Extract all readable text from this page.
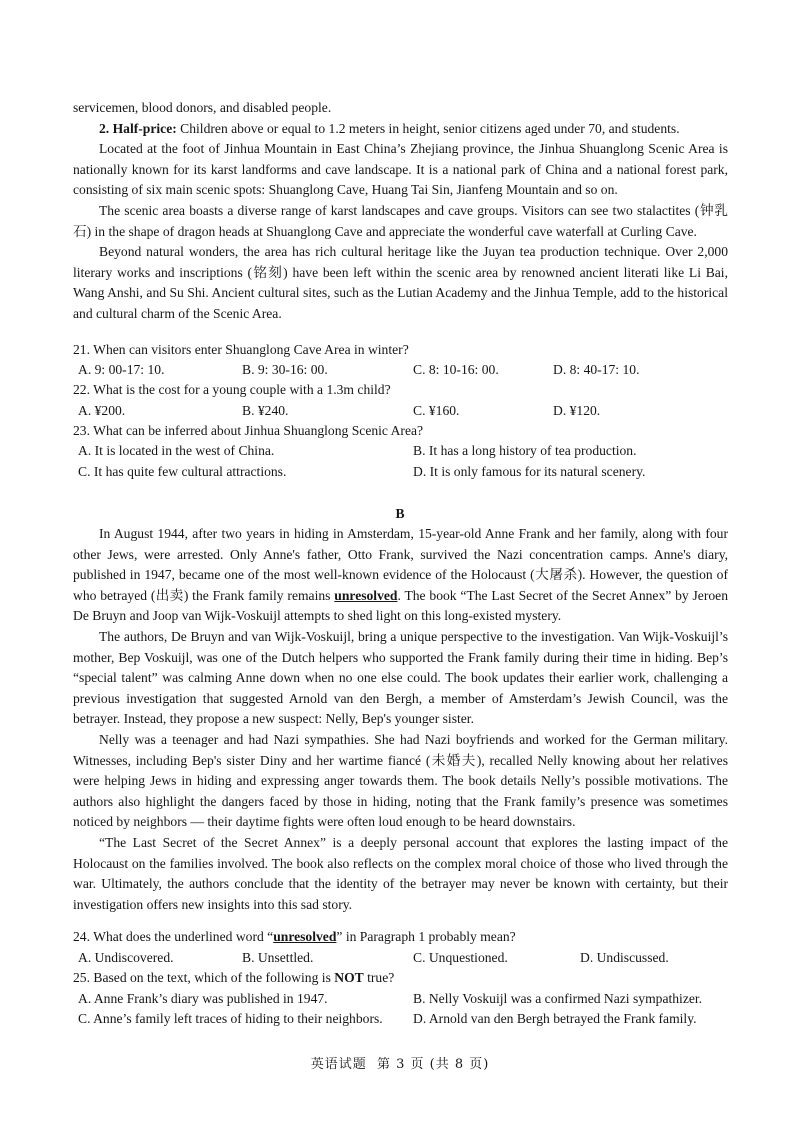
servicemen, blood donors, and disabled people.

2. Half-price: Children above or equal to 1.2 meters in height, senior citizens aged under 70, and students.

Located at the foot of Jinhua Mountain in East China’s Zhejiang province, the Jinhua Shuanglong Scenic Area is nationally known for its karst landforms and cave landscape. It is a national park of China and a national forest park, consisting of six main scenic spots: Shuanglong Cave, Huang Tai Sin, Jianfeng Mountain and so on.

The scenic area boasts a diverse range of karst landscapes and cave groups. Visitors can see two stalactites (钟乳石) in the shape of dragon heads at Shuanglong Cave and appreciate the wonderful cave waterfall at Curling Cave.

Beyond natural wonders, the area has rich cultural heritage like the Juyan tea production technique. Over 2,000 literary works and inscriptions (铭刻) have been left within the scenic area by renowned ancient literati like Li Bai, Wang Anshi, and Su Shi. Ancient cultural sites, such as the Lutian Academy and the Jinhua Temple, add to the historical and cultural charm of the Scenic Area.

21. When can visitors enter Shuanglong Cave Area in winter?
A. 9: 00-17: 10.	B. 9: 30-16: 00.	C. 8: 10-16: 00.	D. 8: 40-17: 10.
22. What is the cost for a young couple with a 1.3m child?
A. ¥200.	B. ¥240.	C. ¥160.	D. ¥120.
23. What can be inferred about Jinhua Shuanglong Scenic Area?
A. It is located in the west of China.	B. It has a long history of tea production.
C. It has quite few cultural attractions.	D. It is only famous for its natural scenery.
B

In August 1944, after two years in hiding in Amsterdam, 15-year-old Anne Frank and her family, along with four other Jews, were arrested. Only Anne's father, Otto Frank, survived the Nazi concentration camps. Anne's diary, published in 1947, became one of the most well-known evidence of the Holocaust (大屠杀). However, the question of who betrayed (出卖) the Frank family remains unresolved. The book “The Last Secret of the Secret Annex” by Jeroen De Bruyn and Joop van Wijk-Voskuijl attempts to shed light on this long-existed mystery.

The authors, De Bruyn and van Wijk-Voskuijl, bring a unique perspective to the investigation. Van Wijk-Voskuijl’s mother, Bep Voskuijl, was one of the Dutch helpers who supported the Frank family during their time in hiding. Bep’s “special talent” was calming Anne down when no one else could. The book updates their earlier work, challenging a previous investigation that suggested Arnold van den Bergh, a member of Amsterdam’s Jewish Council, was the betrayer. Instead, they propose a new suspect: Nelly, Bep's younger sister.

Nelly was a teenager and had Nazi sympathies. She had Nazi boyfriends and worked for the German military. Witnesses, including Bep's sister Diny and her wartime fiancé (未婚夫), recalled Nelly knowing about her relatives were helping Jews in hiding and expressing anger towards them. The book details Nelly’s possible motivations. The authors also highlight the dangers faced by those in hiding, noting that the Frank family’s presence was sometimes noticed by neighbors — their daytime fights were often loud enough to be heard downstairs.

“The Last Secret of the Secret Annex” is a deeply personal account that explores the lasting impact of the Holocaust on the families involved. The book also reflects on the complex moral choice of those who lived through the war. Ultimately, the authors conclude that the identity of the betrayer may never be known with certainty, but their investigation offers new insights into this sad story.

24. What does the underlined word “unresolved” in Paragraph 1 probably mean?
A. Undiscovered.	B. Unsettled.	C. Unquestioned.	D. Undiscussed.
25. Based on the text, which of the following is NOT true?
A. Anne Frank’s diary was published in 1947.	B. Nelly Voskuijl was a confirmed Nazi sympathizer.
C. Anne’s family left traces of hiding to their neighbors. D. Arnold van den Bergh betrayed the Frank family.
英语试题  第 3 页 (共 8 页)
